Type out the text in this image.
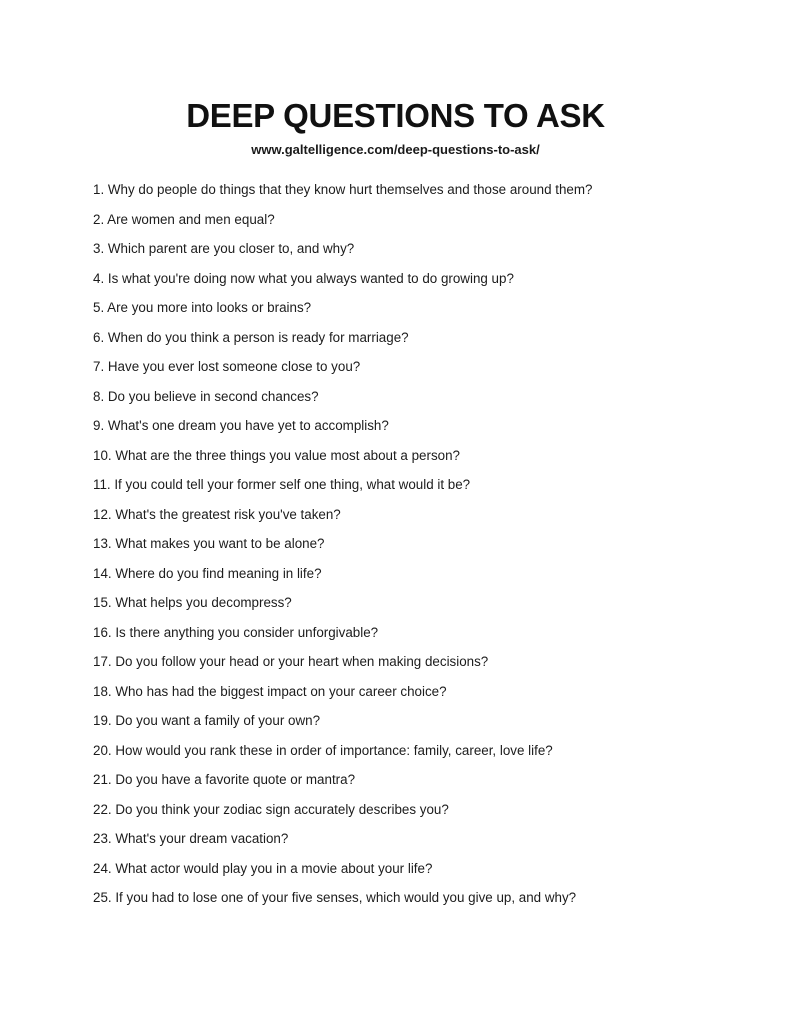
DEEP QUESTIONS TO ASK
www.galtelligence.com/deep-questions-to-ask/
1. Why do people do things that they know hurt themselves and those around them?
2. Are women and men equal?
3. Which parent are you closer to, and why?
4. Is what you're doing now what you always wanted to do growing up?
5. Are you more into looks or brains?
6. When do you think a person is ready for marriage?
7. Have you ever lost someone close to you?
8. Do you believe in second chances?
9. What's one dream you have yet to accomplish?
10. What are the three things you value most about a person?
11. If you could tell your former self one thing, what would it be?
12. What's the greatest risk you've taken?
13. What makes you want to be alone?
14. Where do you find meaning in life?
15. What helps you decompress?
16. Is there anything you consider unforgivable?
17. Do you follow your head or your heart when making decisions?
18. Who has had the biggest impact on your career choice?
19. Do you want a family of your own?
20. How would you rank these in order of importance: family, career, love life?
21. Do you have a favorite quote or mantra?
22. Do you think your zodiac sign accurately describes you?
23. What's your dream vacation?
24. What actor would play you in a movie about your life?
25. If you had to lose one of your five senses, which would you give up, and why?
